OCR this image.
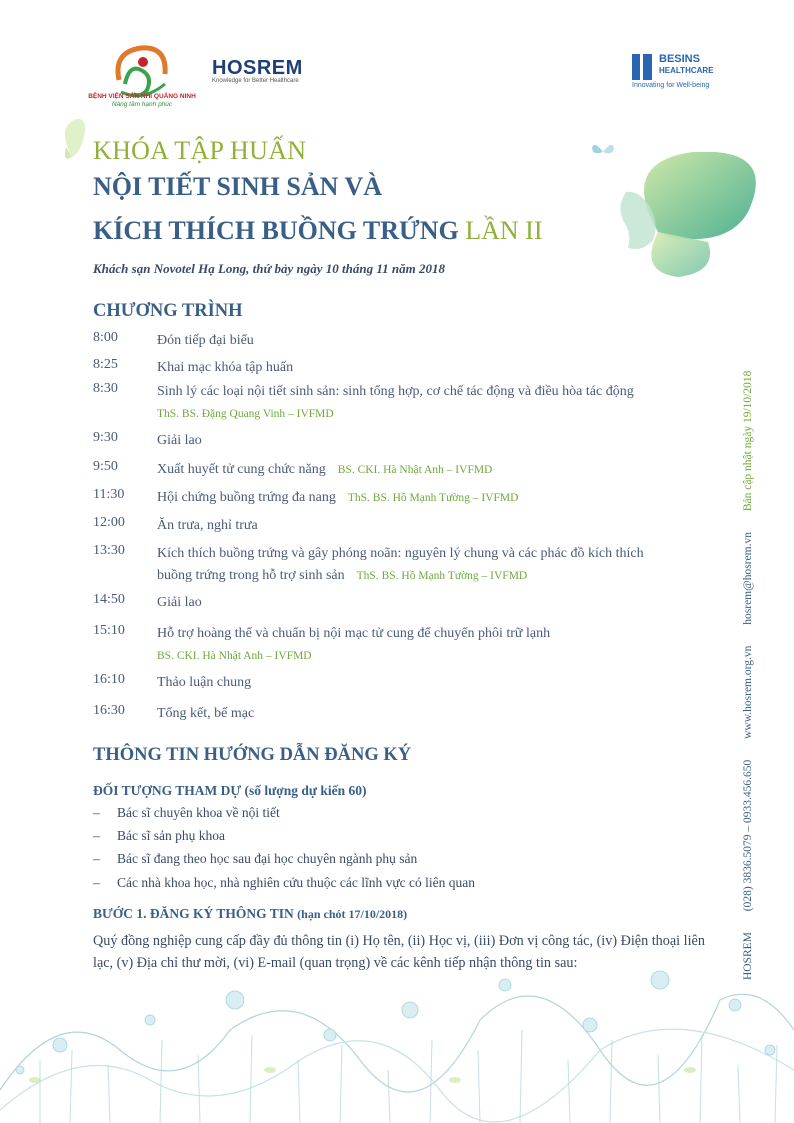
BỆNH VIỆN SẢN NHI QUẢNG NINH
Nâng tầm hạnh phúc
HOSREM
Knowledge for Better Healthcare

BESINS
HEALTHCARE
Innovating for Well-being
KHÓA TẬP HUẤN
NỘI TIẾT SINH SẢN VÀ
KÍCH THÍCH BUỒNG TRỨNG LẦN II
Khách sạn Novotel Hạ Long, thứ bảy ngày 10 tháng 11 năm 2018
CHƯƠNG TRÌNH
8:00	Đón tiếp đại biểu
8:25	Khai mạc khóa tập huấn
8:30	Sinh lý các loại nội tiết sinh sản: sinh tổng hợp, cơ chế tác động và điều hòa tác động
ThS. BS. Đặng Quang Vinh – IVFMD
9:30	Giải lao
9:50	Xuất huyết tử cung chức năng BS. CKI. Hà Nhật Anh – IVFMD
11:30	Hội chứng buồng trứng đa nang ThS. BS. Hồ Mạnh Tường – IVFMD
12:00	Ăn trưa, nghỉ trưa
13:30	Kích thích buồng trứng và gây phóng noãn: nguyên lý chung và các phác đồ kích thích
buồng trứng trong hỗ trợ sinh sản ThS. BS. Hồ Mạnh Tường – IVFMD
14:50	Giải lao
15:10	Hỗ trợ hoàng thể và chuẩn bị nội mạc tử cung để chuyển phôi trữ lạnh
BS. CKI. Hà Nhật Anh – IVFMD
16:10	Thảo luận chung
16:30	Tổng kết, bế mạc
THÔNG TIN HƯỚNG DẪN ĐĂNG KÝ
ĐỐI TƯỢNG THAM DỰ (số lượng dự kiến 60)
– Bác sĩ chuyên khoa về nội tiết
– Bác sĩ sản phụ khoa
– Bác sĩ đang theo học sau đại học chuyên ngành phụ sản
– Các nhà khoa học, nhà nghiên cứu thuộc các lĩnh vực có liên quan
BƯỚC 1. ĐĂNG KÝ THÔNG TIN (hạn chót 17/10/2018)
Quý đồng nghiệp cung cấp đầy đủ thông tin (i) Họ tên, (ii) Học vị, (iii) Đơn vị công tác, (iv) Điện thoại liên lạc, (v) Địa chỉ thư mời, (vi) E-mail (quan trọng) về các kênh tiếp nhận thông tin sau:	HOSREM (028) 3836.5079 – 0933.456.650 www.hosrem.org.vn hosrem@hosrem.vn Bản cập nhật ngày 19/10/2018
